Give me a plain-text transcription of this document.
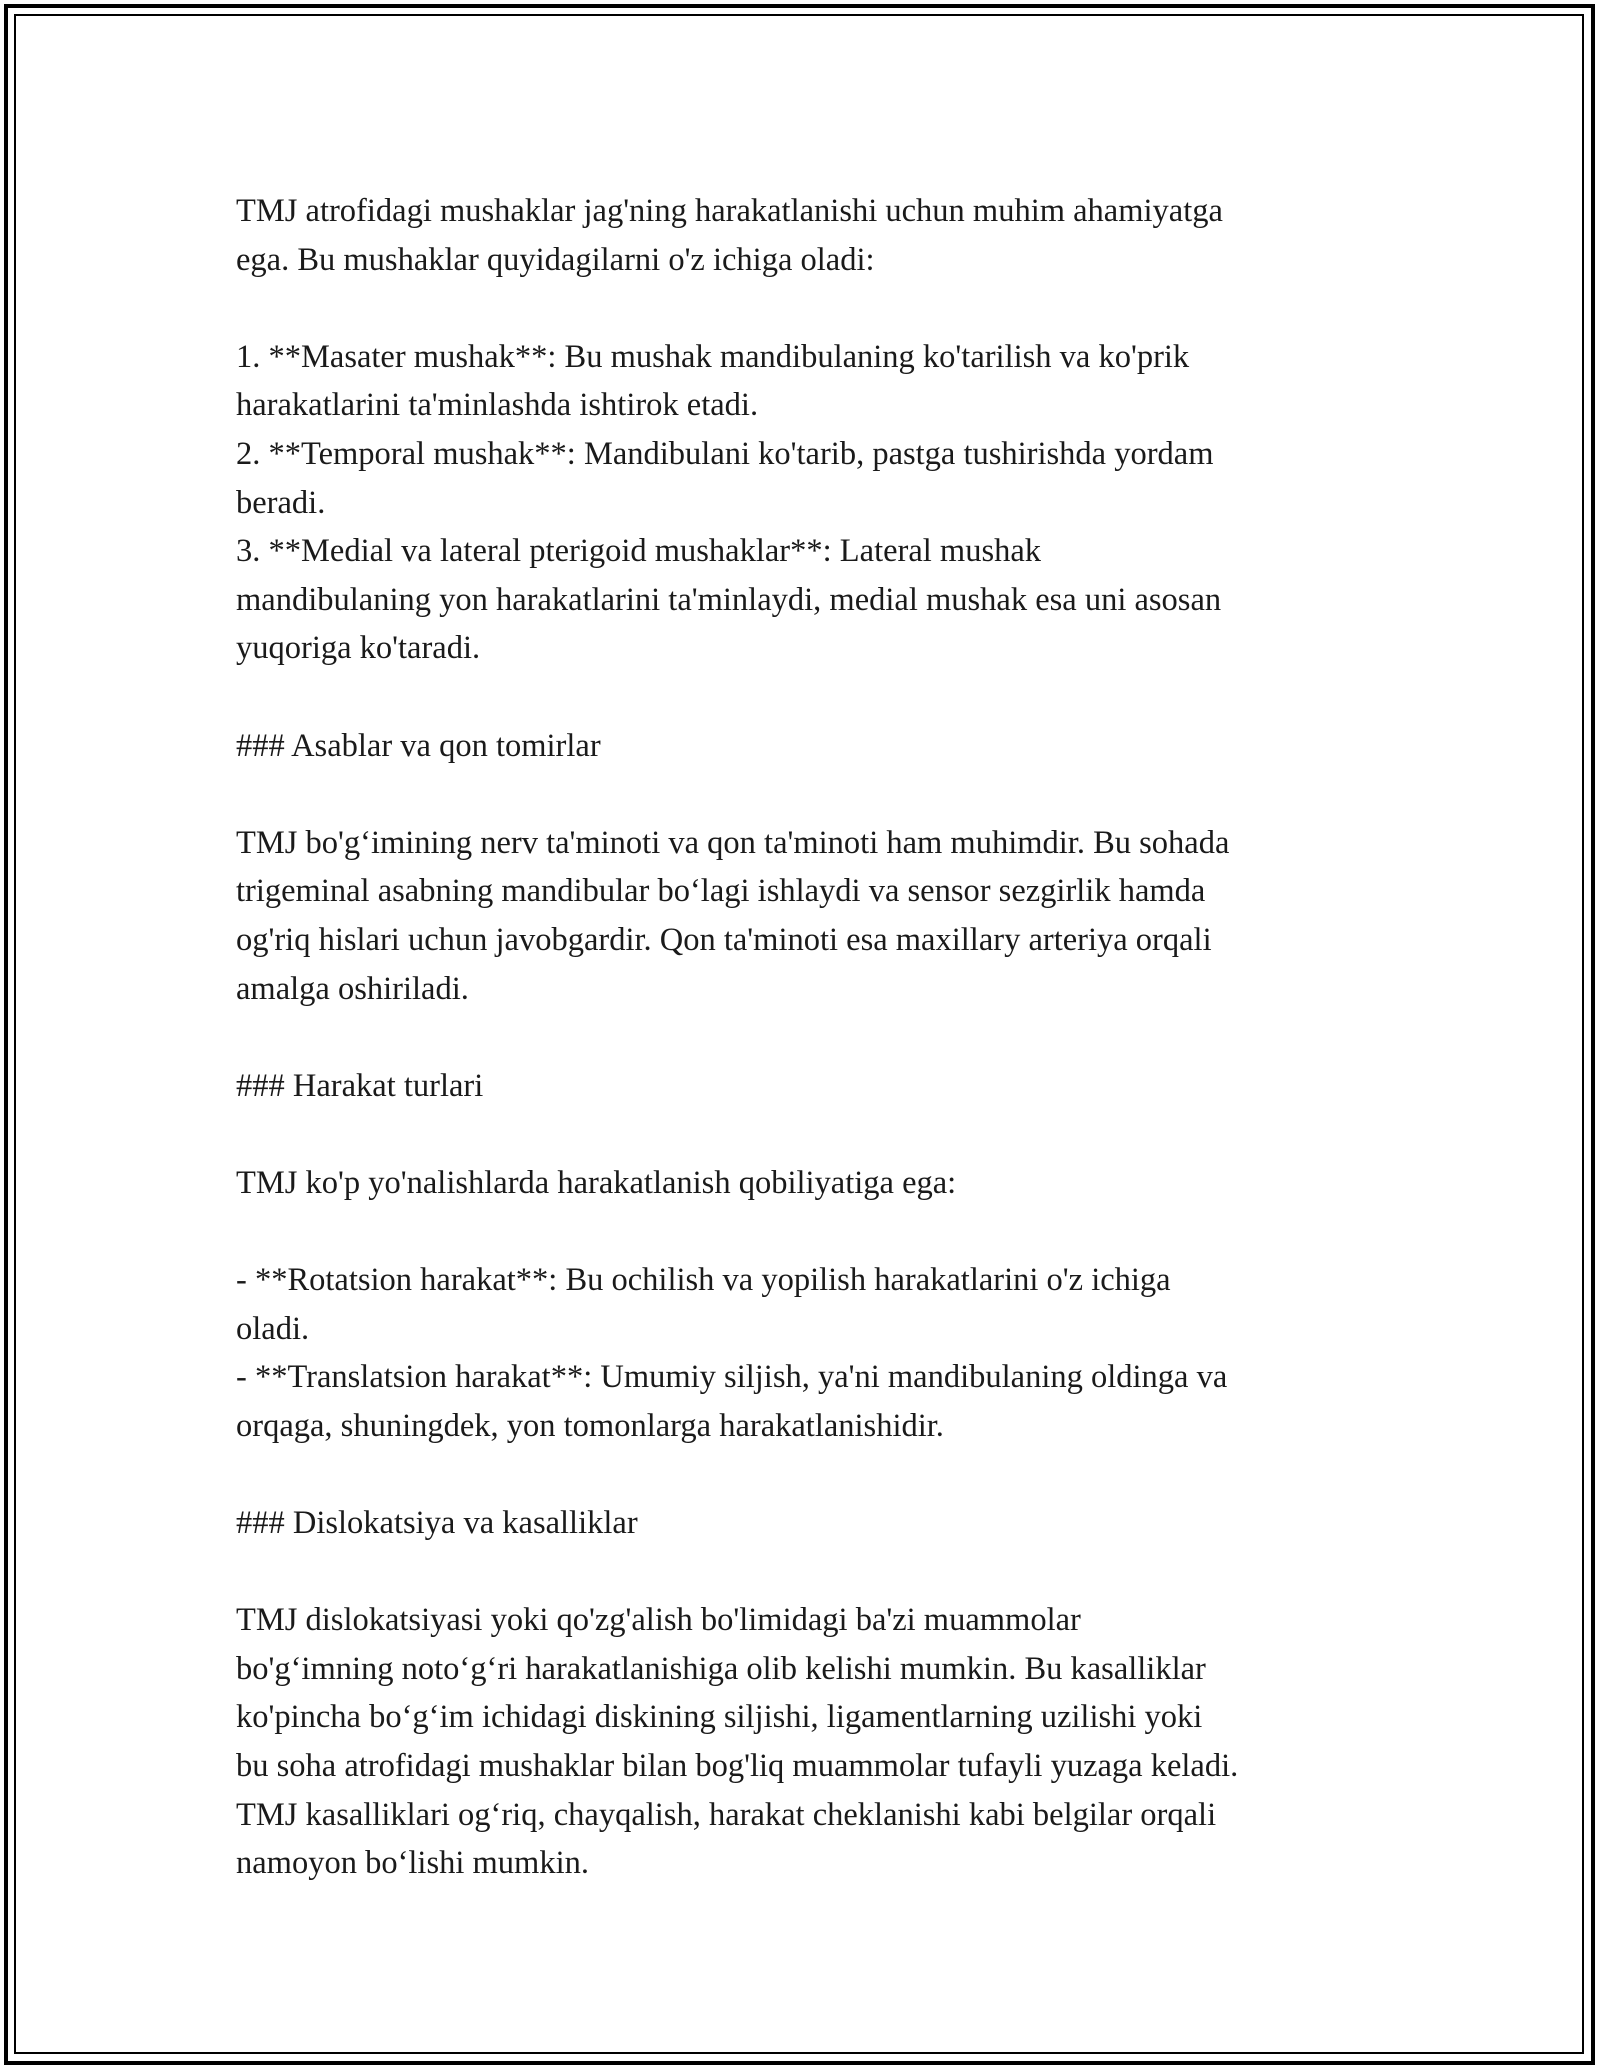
TMJ atrofidagi mushaklar jag'ning harakatlanishi uchun muhim ahamiyatga

ega. Bu mushaklar quyidagilarni o'z ichiga oladi:

1. **Masater mushak**: Bu mushak mandibulaning ko'tarilish va ko'prik

harakatlarini ta'minlashda ishtirok etadi.

2. **Temporal mushak**: Mandibulani ko'tarib, pastga tushirishda yordam

beradi.

3. **Medial va lateral pterigoid mushaklar**: Lateral mushak

mandibulaning yon harakatlarini ta'minlaydi, medial mushak esa uni asosan

yuqoriga ko'taradi.

### Asablar va qon tomirlar

TMJ bo'g‘imining nerv ta'minoti va qon ta'minoti ham muhimdir. Bu sohada

trigeminal asabning mandibular bo‘lagi ishlaydi va sensor sezgirlik hamda

og'riq hislari uchun javobgardir. Qon ta'minoti esa maxillary arteriya orqali

amalga oshiriladi.

### Harakat turlari

TMJ ko'p yo'nalishlarda harakatlanish qobiliyatiga ega:

- **Rotatsion harakat**: Bu ochilish va yopilish harakatlarini o'z ichiga

oladi.

- **Translatsion harakat**: Umumiy siljish, ya'ni mandibulaning oldinga va

orqaga, shuningdek, yon tomonlarga harakatlanishidir.

### Dislokatsiya va kasalliklar

TMJ dislokatsiyasi yoki qo'zg'alish bo'limidagi ba'zi muammolar

bo'g‘imning noto‘g‘ri harakatlanishiga olib kelishi mumkin. Bu kasalliklar

ko'pincha bo‘g‘im ichidagi diskining siljishi, ligamentlarning uzilishi yoki

bu soha atrofidagi mushaklar bilan bog'liq muammolar tufayli yuzaga keladi.

TMJ kasalliklari og‘riq, chayqalish, harakat cheklanishi kabi belgilar orqali

namoyon bo‘lishi mumkin.
